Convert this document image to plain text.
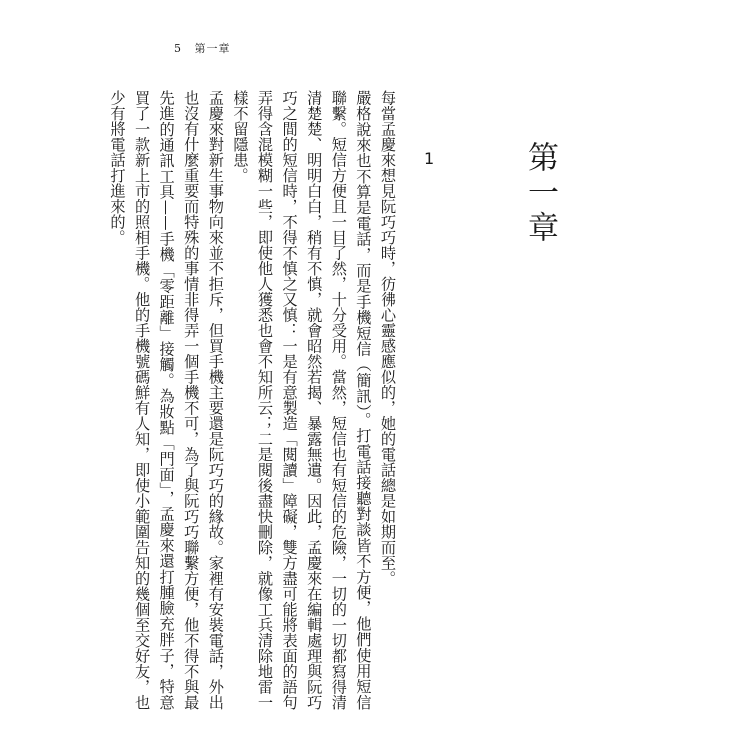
5 第一章
第一章
1

每當孟慶來想見阮巧巧時，彷彿心靈感應似的，她的電話總是如期而至。

嚴格說來也不算是電話，而是手機短信（簡訊）。打電話接聽對談皆不方便，他們使用短信聯繫。短信方便且一目了然，十分受用。當然，短信也有短信的危險，一切的一切都寫得清清楚楚、明明白白，稍有不慎，就會昭然若揭、暴露無遺。因此，孟慶來在編輯處理與阮巧巧之間的短信時，不得不慎之又慎：一是有意製造「閱讀」障礙，雙方盡可能將表面的語句弄得含混模糊一些，即使他人獲悉也會不知所云；二是閱後盡快刪除，就像工兵清除地雷一樣不留隱患。

孟慶來對新生事物向來並不拒斥，但買手機主要還是阮巧巧的緣故。家裡有安裝電話，外出也沒有什麼重要而特殊的事情非得弄一個手機不可，為了與阮巧巧聯繫方便，他不得不與最先進的通訊工具——手機「零距離」接觸。為妝點「門面」，孟慶來還打腫臉充胖子，特意買了一款新上市的照相手機。他的手機號碼鮮有人知，即使小範圍告知的幾個至交好友，也少有將電話打進來的。
